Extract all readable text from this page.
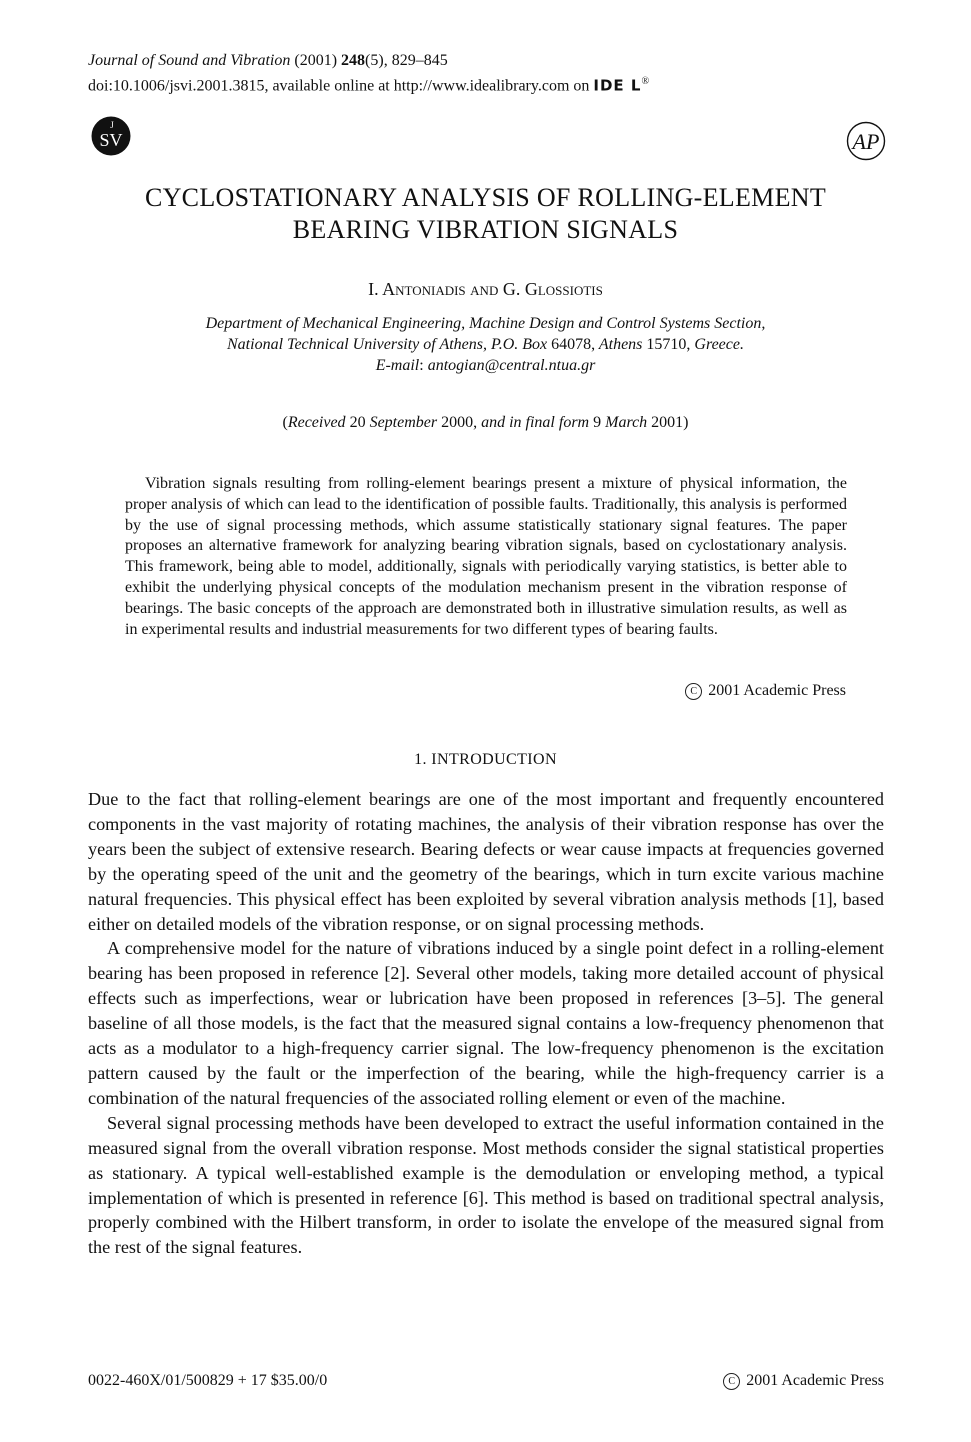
Journal of Sound and Vibration (2001) 248(5), 829–845
doi:10.1006/jsvi.2001.3815, available online at http://www.idealibrary.com on IDE L®
J
SV	AP
CYCLOSTATIONARY ANALYSIS OF ROLLING-ELEMENT
BEARING VIBRATION SIGNALS
I. Antoniadis and G. Glossiotis
Department of Mechanical Engineering, Machine Design and Control Systems Section,
National Technical University of Athens, P.O. Box 64078, Athens 15710, Greece.
E-mail: antogian@central.ntua.gr
(Received 20 September 2000, and in final form 9 March 2001)
Vibration signals resulting from rolling-element bearings present a mixture of physical information, the proper analysis of which can lead to the identification of possible faults. Traditionally, this analysis is performed by the use of signal processing methods, which assume statistically stationary signal features. The paper proposes an alternative framework for analyzing bearing vibration signals, based on cyclostationary analysis. This framework, being able to model, additionally, signals with periodically varying statistics, is better able to exhibit the underlying physical concepts of the modulation mechanism present in the vibration response of bearings. The basic concepts of the approach are demonstrated both in illustrative simulation results, as well as in experimental results and industrial measurements for two different types of bearing faults.
C 2001 Academic Press
1. INTRODUCTION

Due to the fact that rolling-element bearings are one of the most important and frequently encountered components in the vast majority of rotating machines, the analysis of their vibration response has over the years been the subject of extensive research. Bearing defects or wear cause impacts at frequencies governed by the operating speed of the unit and the geometry of the bearings, which in turn excite various machine natural frequencies. This physical effect has been exploited by several vibration analysis methods [1], based either on detailed models of the vibration response, or on signal processing methods.

A comprehensive model for the nature of vibrations induced by a single point defect in a rolling-element bearing has been proposed in reference [2]. Several other models, taking more detailed account of physical effects such as imperfections, wear or lubrication have been proposed in references [3–5]. The general baseline of all those models, is the fact that the measured signal contains a low-frequency phenomenon that acts as a modulator to a high-frequency carrier signal. The low-frequency phenomenon is the excitation pattern caused by the fault or the imperfection of the bearing, while the high-frequency carrier is a combination of the natural frequencies of the associated rolling element or even of the machine.

Several signal processing methods have been developed to extract the useful information contained in the measured signal from the overall vibration response. Most methods consider the signal statistical properties as stationary. A typical well-established example is the demodulation or enveloping method, a typical implementation of which is presented in reference [6]. This method is based on traditional spectral analysis, properly combined with the Hilbert transform, in order to isolate the envelope of the measured signal from the rest of the signal features.

0022-460X/01/500829 + 17 $35.00/0	C 2001 Academic Press
